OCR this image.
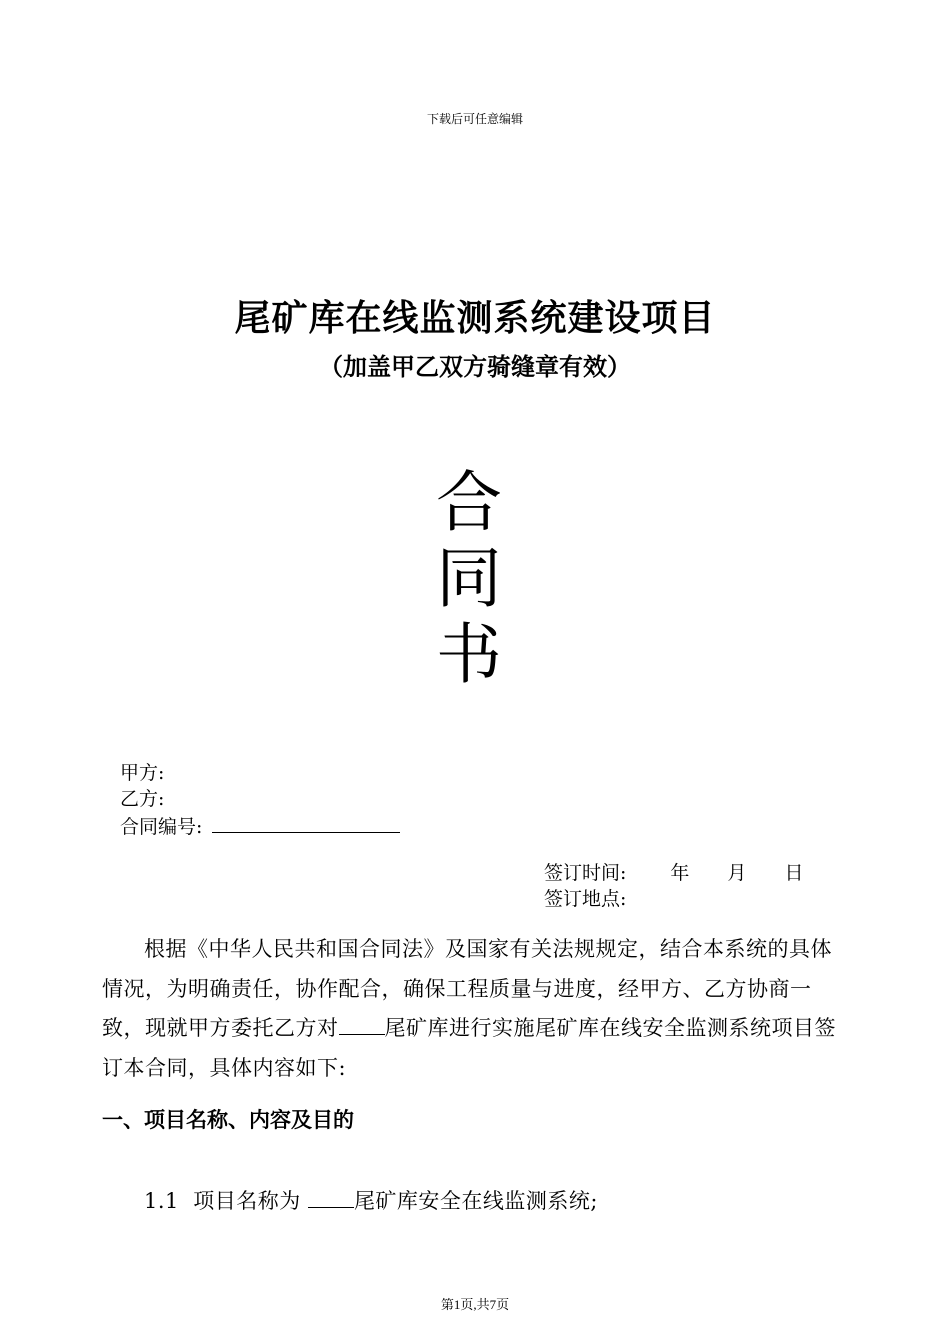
下载后可任意编辑
尾矿库在线监测系统建设项目
（加盖甲乙双方骑缝章有效）
合
同
书
甲方:
乙方:
合同编号:
签订时间: 年 月 日
签订地点:
根据《中华人民共和国合同法》及国家有关法规规定，结合本系统的具体情况，为明确责任，协作配合，确保工程质量与进度，经甲方、乙方协商一致，现就甲方委托乙方对 尾矿库进行实施尾矿库在线安全监测系统项目签订本合同，具体内容如下:
一、项目名称、内容及目的
1.1  项目名称为 尾矿库安全在线监测系统;
第1页,共7页
